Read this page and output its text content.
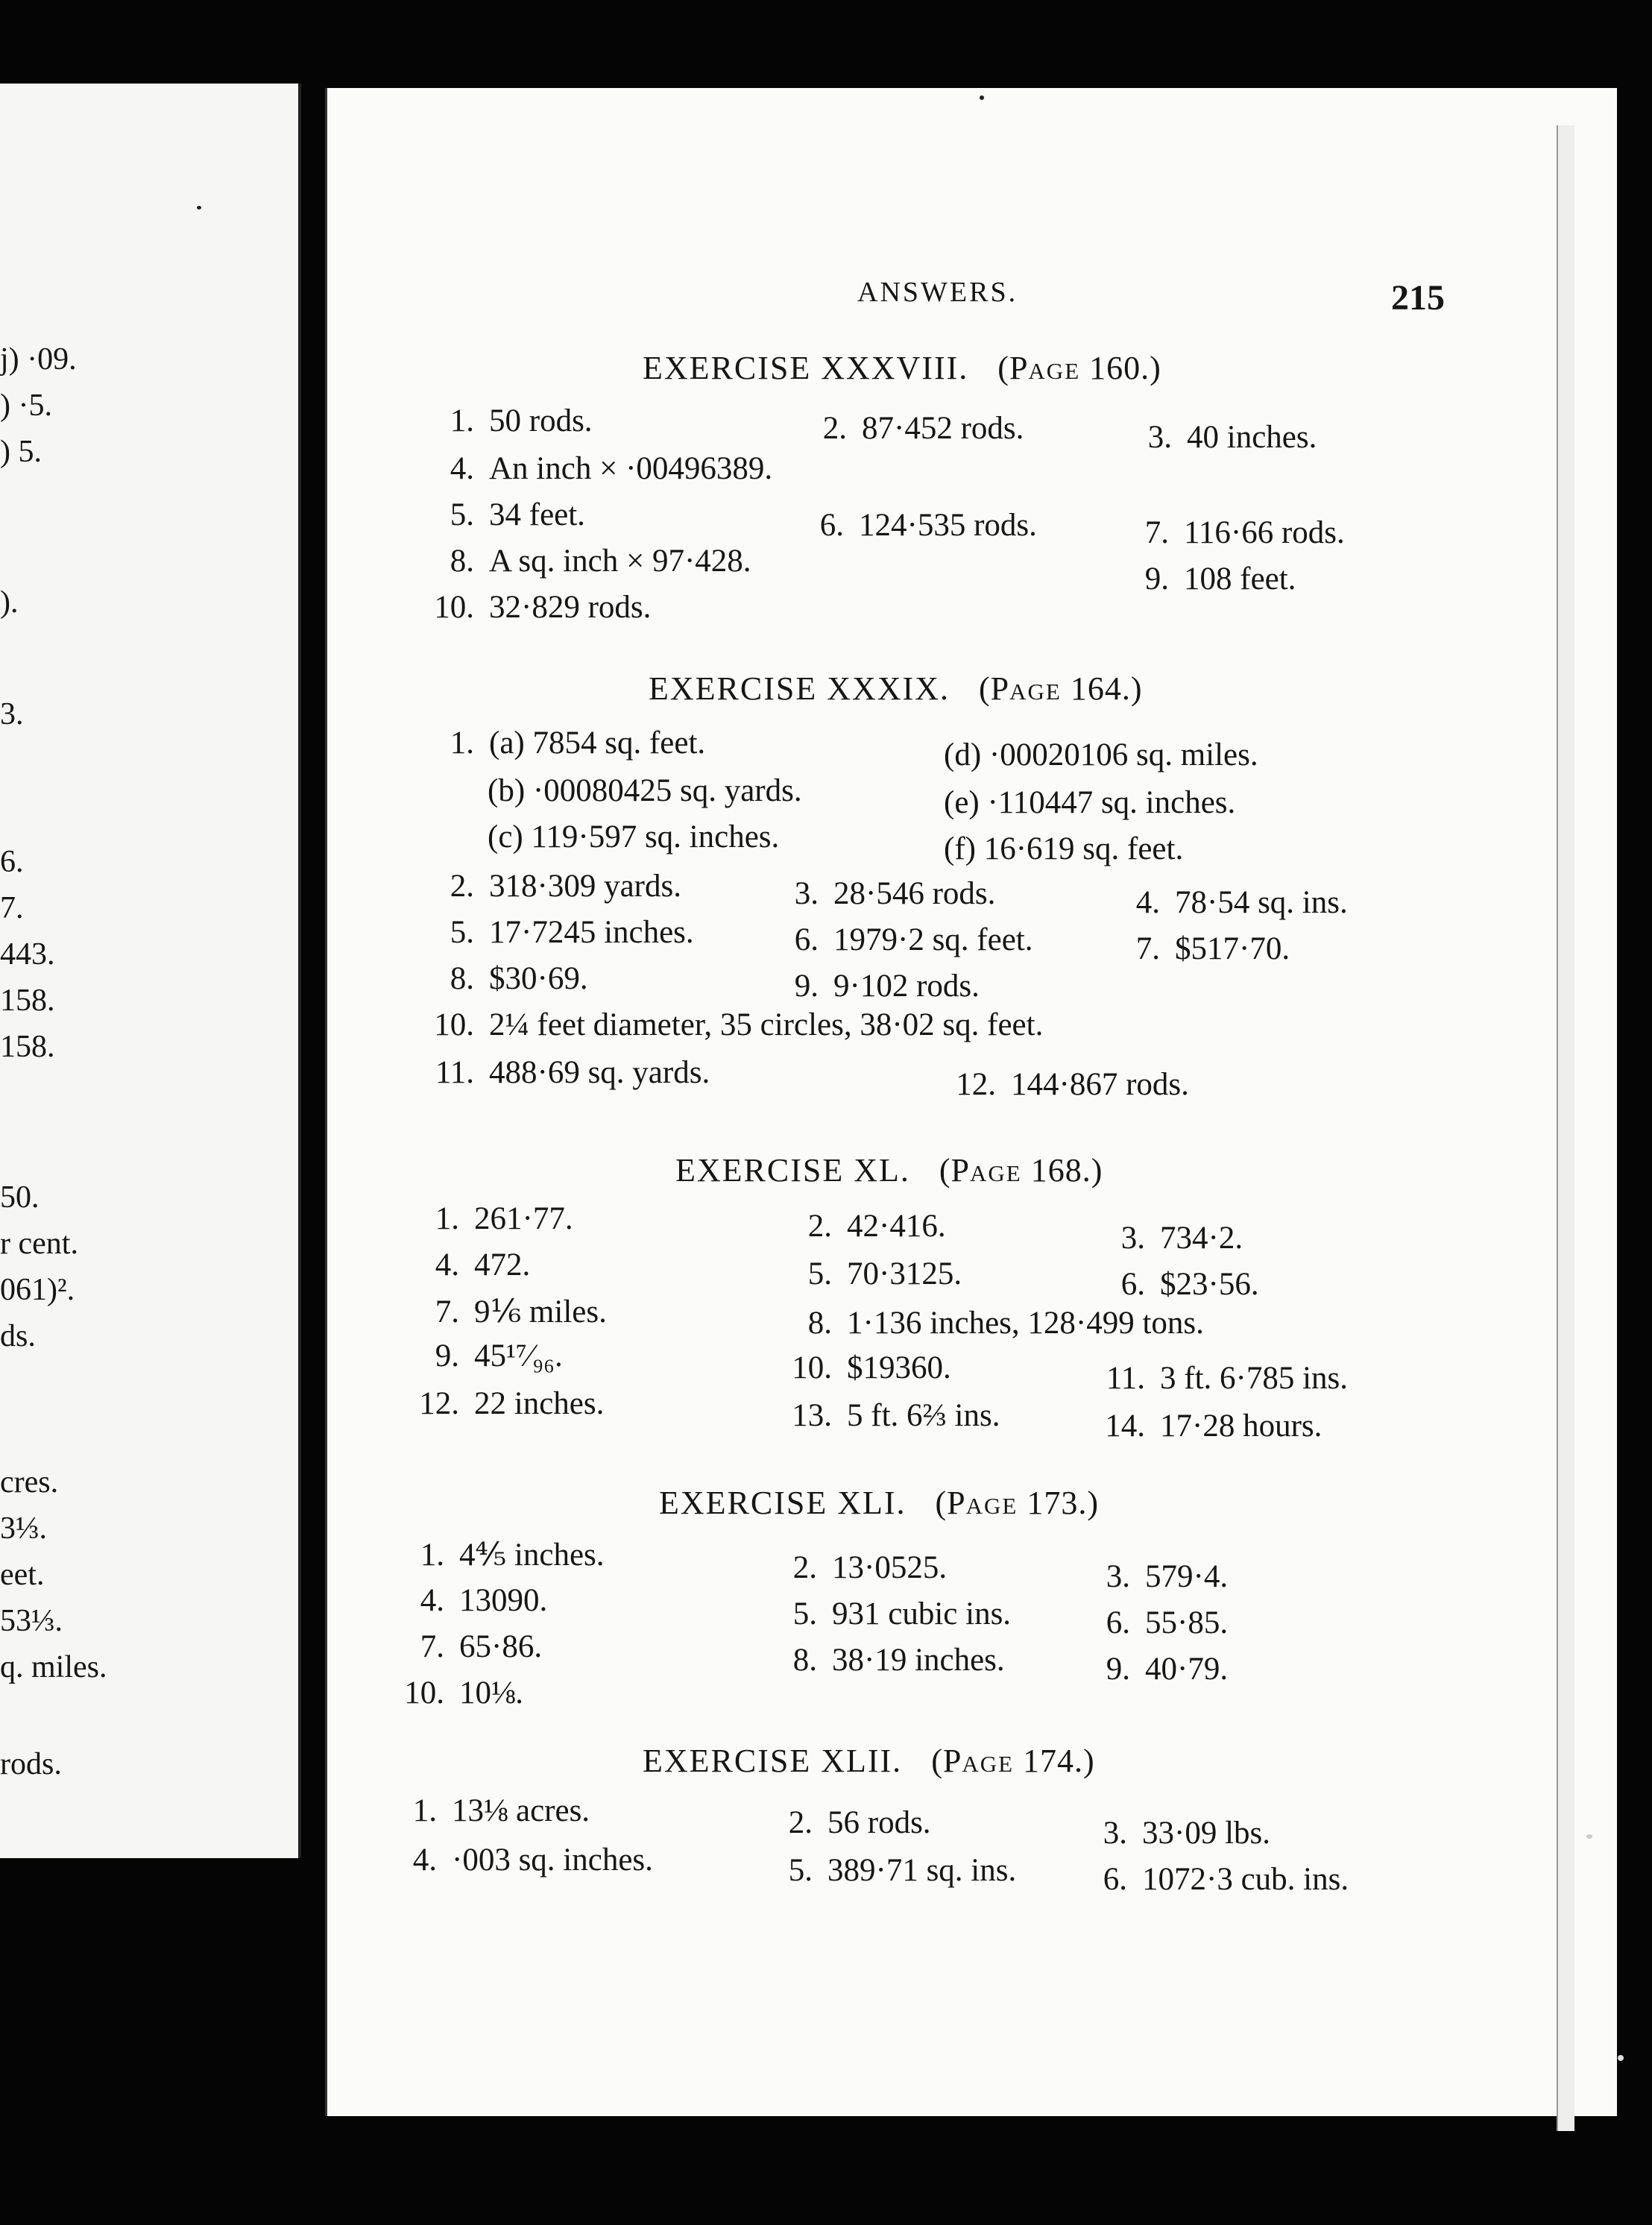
j) ·09.
) ·5.
) 5.
).
3.
6.
7.
443.
158.
158.
50.
r cent.
061)².
ds.
cres.
3⅓.
eet.
53⅓.
q. miles.
rods.
ANSWERS.	215
EXERCISE XXXVIII. (PAGE 160.)
1. 50 rods.	2. 87·452 rods.	3. 40 inches.
4. An inch × ·00496389.
5. 34 feet.	6. 124·535 rods.	7. 116·66 rods.
8. A sq. inch × 97·428.
9. 108 feet.
10. 32·829 rods.
EXERCISE XXXIX. (PAGE 164.)
1. (a) 7854 sq. feet.	(d) ·00020106 sq. miles.
(b) ·00080425 sq. yards.	(e) ·110447 sq. inches.
(c) 119·597 sq. inches.	(f) 16·619 sq. feet.
2. 318·309 yards.	3. 28·546 rods.	4. 78·54 sq. ins.
5. 17·7245 inches.	6. 1979·2 sq. feet.	7. $517·70.
8. $30·69.	9. 9·102 rods.
10. 2¼ feet diameter, 35 circles, 38·02 sq. feet.
11. 488·69 sq. yards.	12. 144·867 rods.
EXERCISE XL. (PAGE 168.)
1. 261·77.	2. 42·416.	3. 734·2.
4. 472.	5. 70·3125.	6. $23·56.
7. 9⅙ miles.	8. 1·136 inches, 128·499 tons.
9. 45¹⁷⁄₉₆.	10. $19360.	11. 3 ft. 6·785 ins.
12. 22 inches.	13. 5 ft. 6⅔ ins.	14. 17·28 hours.
EXERCISE XLI. (PAGE 173.)
1. 4⅘ inches.	2. 13·0525.	3. 579·4.
4. 13090.	5. 931 cubic ins.	6. 55·85.
7. 65·86.	8. 38·19 inches.	9. 40·79.
10. 10⅛.
EXERCISE XLII. (PAGE 174.)
1. 13⅛ acres.	2. 56 rods.	3. 33·09 lbs.
4. ·003 sq. inches.	5. 389·71 sq. ins.	6. 1072·3 cub. ins.
